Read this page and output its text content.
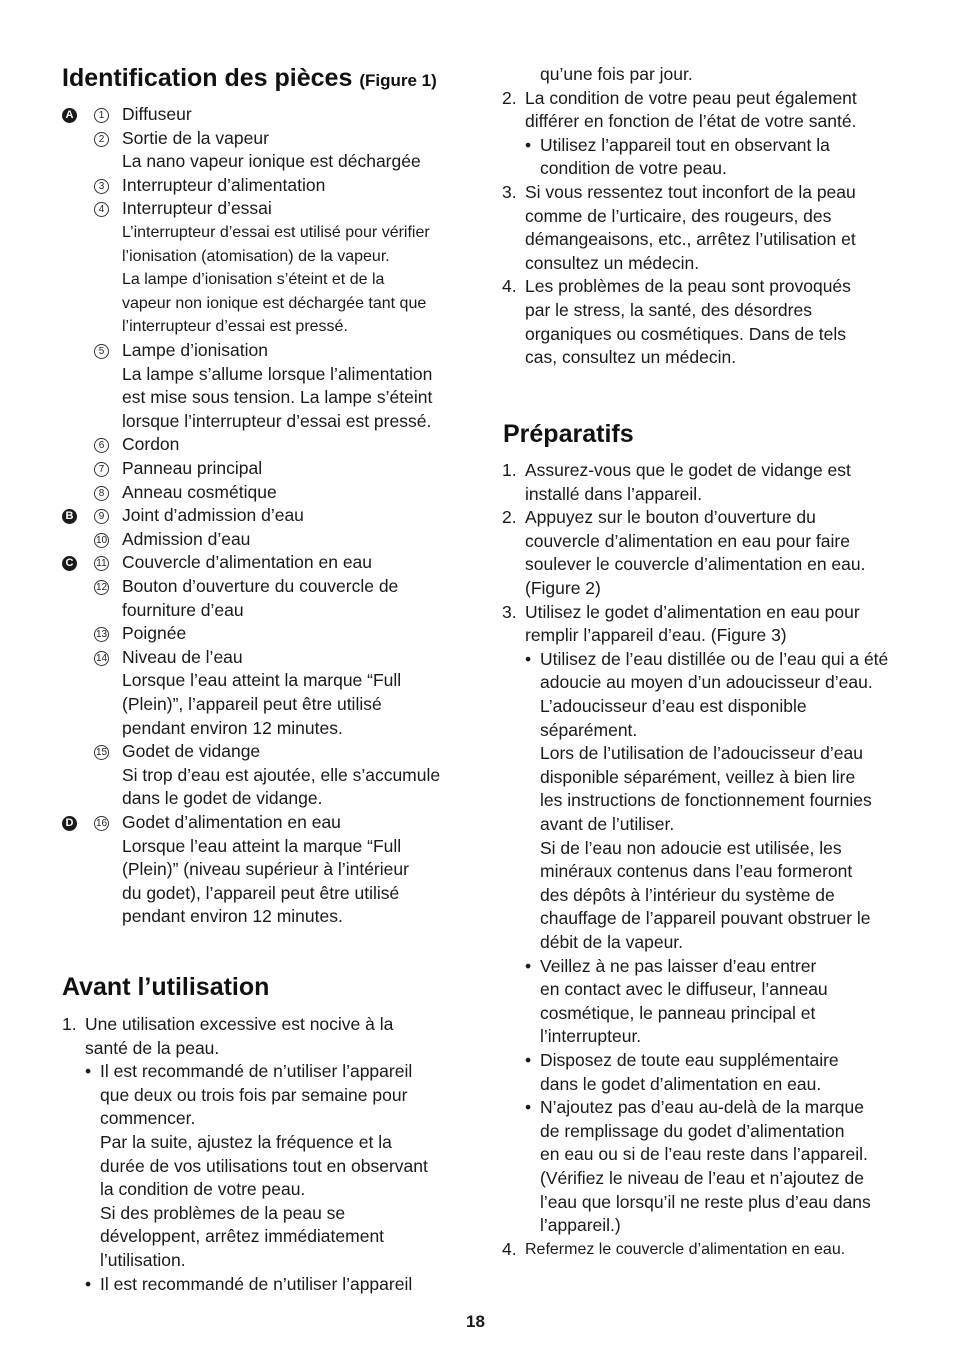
Identification des pièces (Figure 1)
A	1 Diffuseur
2 Sortie de la vapeur
La nano vapeur ionique est déchargée
3 Interrupteur d’alimentation
4 Interrupteur d’essai
L’interrupteur d’essai est utilisé pour vérifier
l’ionisation (atomisation) de la vapeur.
La lampe d’ionisation s’éteint et de la
vapeur non ionique est déchargée tant que
l’interrupteur d’essai est pressé.
5 Lampe d’ionisation
La lampe s’allume lorsque l’alimentation
est mise sous tension. La lampe s’éteint
lorsque l’interrupteur d’essai est pressé.
6 Cordon
7 Panneau principal
8 Anneau cosmétique
B	9 Joint d’admission d’eau
10 Admission d’eau
C	11 Couvercle d’alimentation en eau
12 Bouton d’ouverture du couvercle de
fourniture d’eau
13 Poignée
14 Niveau de l’eau
Lorsque l’eau atteint la marque “Full
(Plein)”, l’appareil peut être utilisé
pendant environ 12 minutes.
15 Godet de vidange
Si trop d’eau est ajoutée, elle s’accumule
dans le godet de vidange.
D	16 Godet d’alimentation en eau
Lorsque l’eau atteint la marque “Full
(Plein)” (niveau supérieur à l’intérieur
du godet), l’appareil peut être utilisé
pendant environ 12 minutes.
Avant l’utilisation
1. Une utilisation excessive est nocive à la
santé de la peau.
• Il est recommandé de n’utiliser l’appareil
que deux ou trois fois par semaine pour
commencer.
Par la suite, ajustez la fréquence et la
durée de vos utilisations tout en observant
la condition de votre peau.
Si des problèmes de la peau se
développent, arrêtez immédiatement
l’utilisation.
• Il est recommandé de n’utiliser l’appareil
qu’une fois par jour.
2. La condition de votre peau peut également
différer en fonction de l’état de votre santé.
• Utilisez l’appareil tout en observant la
condition de votre peau.
3. Si vous ressentez tout inconfort de la peau
comme de l’urticaire, des rougeurs, des
démangeaisons, etc., arrêtez l’utilisation et
consultez un médecin.
4. Les problèmes de la peau sont provoqués
par le stress, la santé, des désordres
organiques ou cosmétiques. Dans de tels
cas, consultez un médecin.
Préparatifs
1. Assurez-vous que le godet de vidange est
installé dans l’appareil.
2. Appuyez sur le bouton d’ouverture du
couvercle d’alimentation en eau pour faire
soulever le couvercle d’alimentation en eau.
(Figure 2)
3. Utilisez le godet d’alimentation en eau pour
remplir l’appareil d’eau. (Figure 3)
• Utilisez de l’eau distillée ou de l’eau qui a été
adoucie au moyen d’un adoucisseur d’eau.
L’adoucisseur d’eau est disponible
séparément.
Lors de l’utilisation de l’adoucisseur d’eau
disponible séparément, veillez à bien lire
les instructions de fonctionnement fournies
avant de l’utiliser.
Si de l’eau non adoucie est utilisée, les
minéraux contenus dans l’eau formeront
des dépôts à l’intérieur du système de
chauffage de l’appareil pouvant obstruer le
débit de la vapeur.
• Veillez à ne pas laisser d’eau entrer
en contact avec le diffuseur, l’anneau
cosmétique, le panneau principal et
l’interrupteur.
• Disposez de toute eau supplémentaire
dans le godet d’alimentation en eau.
• N’ajoutez pas d’eau au-delà de la marque
de remplissage du godet d’alimentation
en eau ou si de l’eau reste dans l’appareil.
(Vérifiez le niveau de l’eau et n’ajoutez de
l’eau que lorsqu’il ne reste plus d’eau dans
l’appareil.)
4. Refermez le couvercle d’alimentation en eau.
18
